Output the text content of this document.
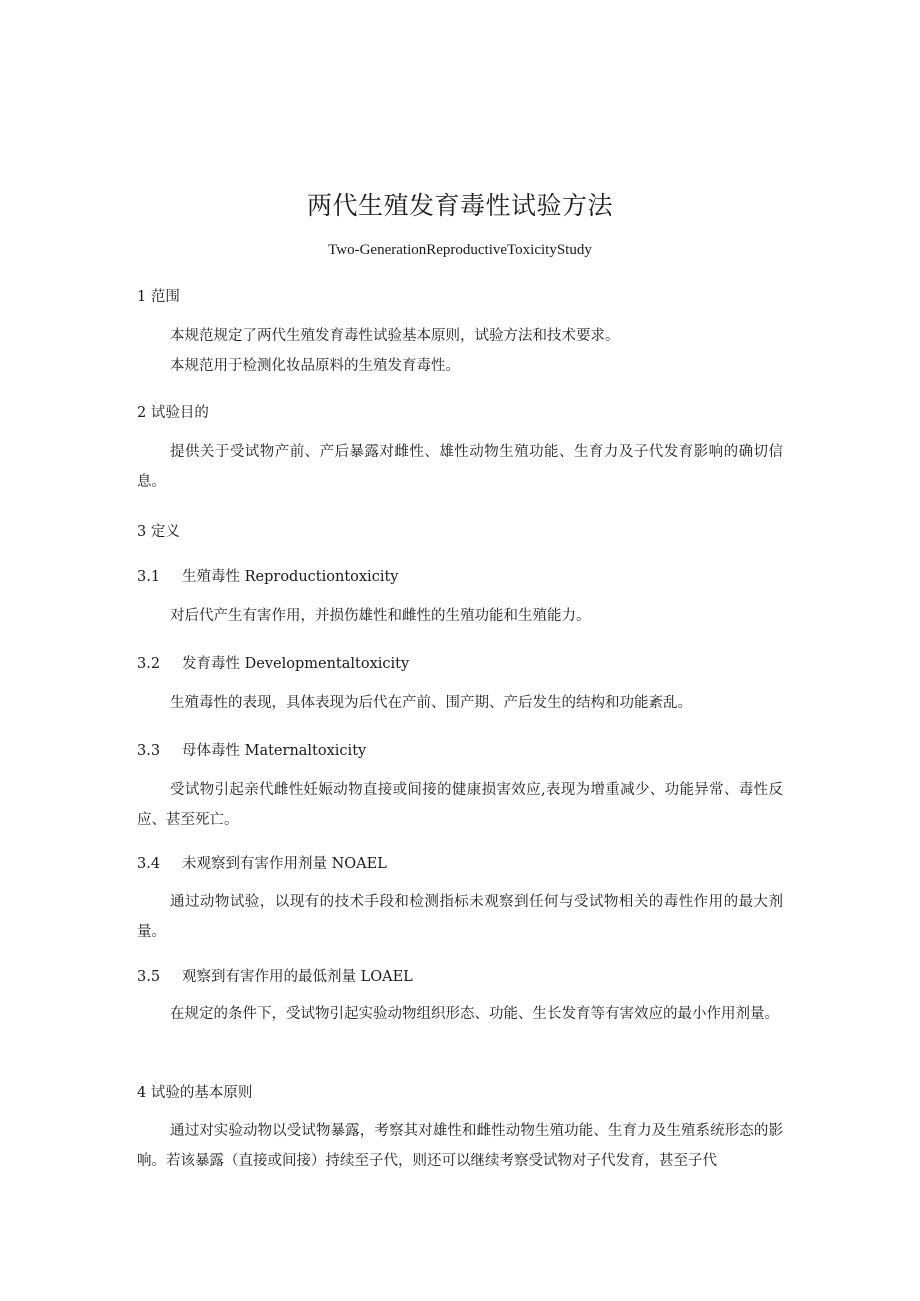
两代生殖发育毒性试验方法
Two-GenerationReproductiveToxicityStudy
1 范围
本规范规定了两代生殖发育毒性试验基本原则，试验方法和技术要求。
本规范用于检测化妆品原料的生殖发育毒性。
2 试验目的
提供关于受试物产前、产后暴露对雌性、雄性动物生殖功能、生育力及子代发育影响的确切信息。
3 定义
3.1 生殖毒性 Reproductiontoxicity
对后代产生有害作用，并损伤雄性和雌性的生殖功能和生殖能力。
3.2 发育毒性 Developmentaltoxicity
生殖毒性的表现，具体表现为后代在产前、围产期、产后发生的结构和功能紊乱。
3.3 母体毒性 Maternaltoxicity
受试物引起亲代雌性妊娠动物直接或间接的健康损害效应,表现为增重减少、功能异常、毒性反应、甚至死亡。
3.4 未观察到有害作用剂量 NOAEL
通过动物试验，以现有的技术手段和检测指标未观察到任何与受试物相关的毒性作用的最大剂量。
3.5 观察到有害作用的最低剂量 LOAEL
在规定的条件下，受试物引起实验动物组织形态、功能、生长发育等有害效应的最小作用剂量。
4 试验的基本原则
通过对实验动物以受试物暴露，考察其对雄性和雌性动物生殖功能、生育力及生殖系统形态的影响。若该暴露（直接或间接）持续至子代，则还可以继续考察受试物对子代发育，甚至子代
